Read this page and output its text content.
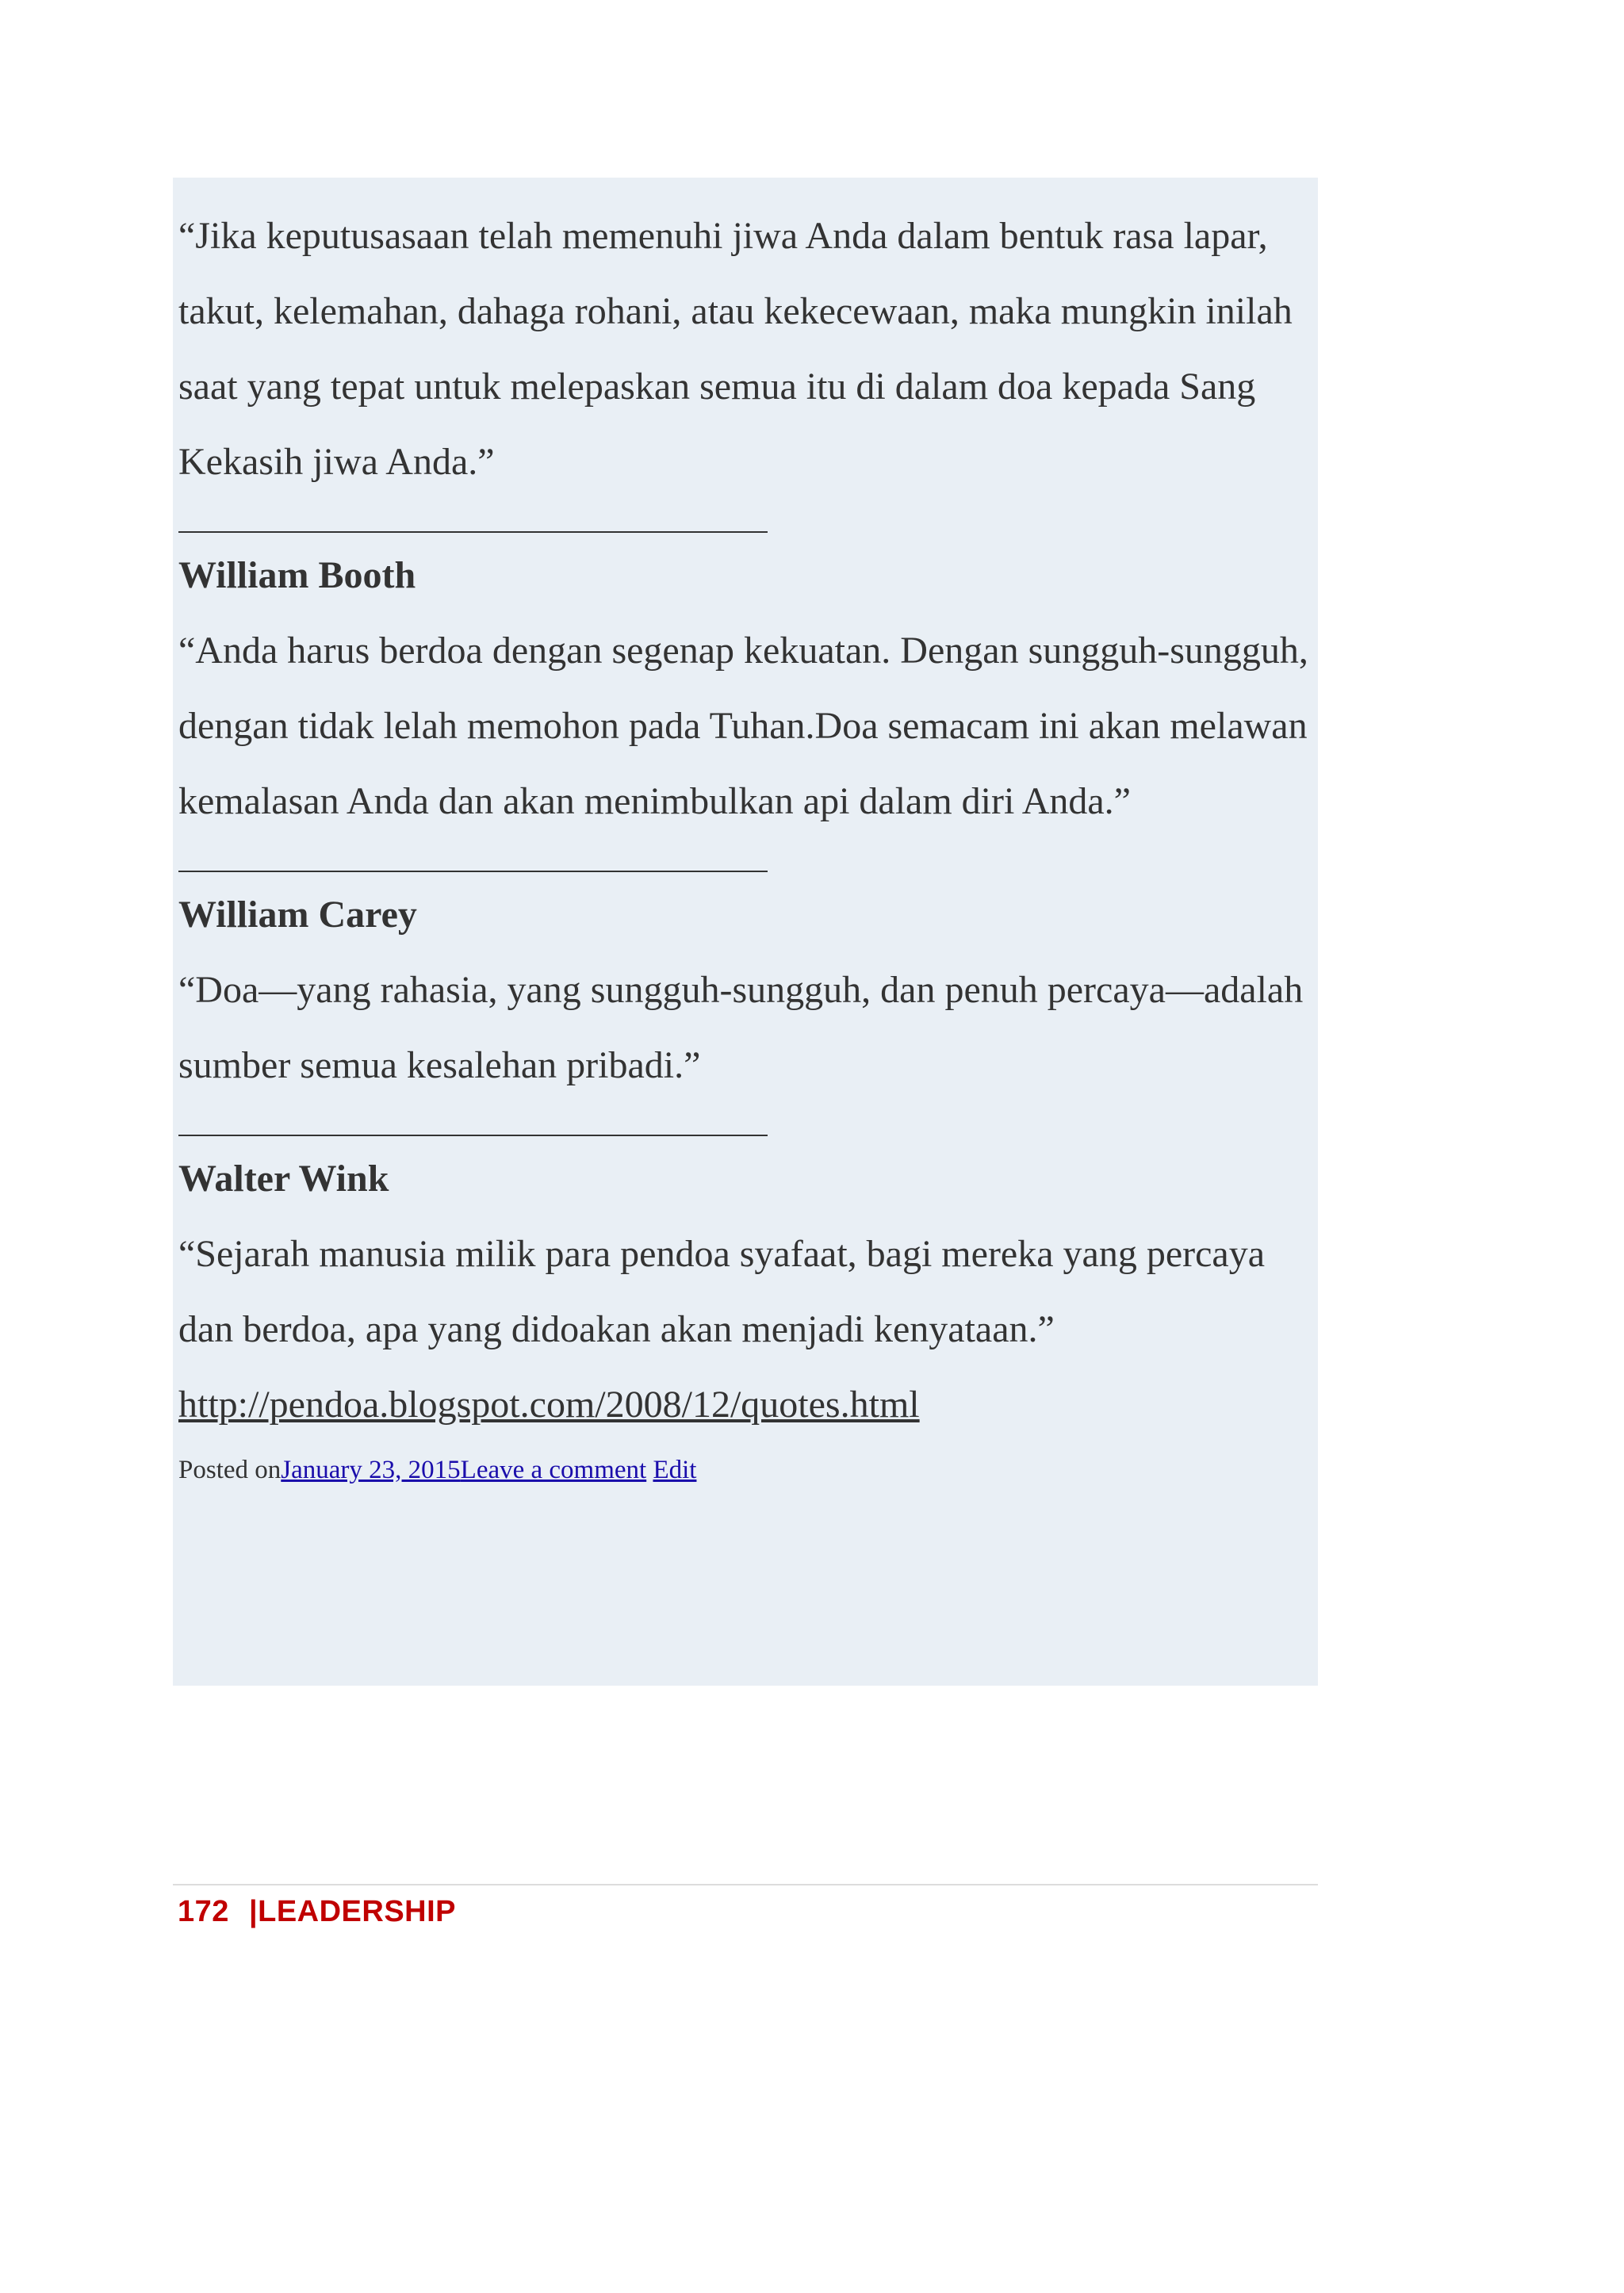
“Jika keputusasaan telah memenuhi jiwa Anda dalam bentuk rasa lapar, takut, kelemahan, dahaga rohani, atau kekecewaan, maka mungkin inilah saat yang tepat untuk melepaskan semua itu di dalam doa kepada Sang Kekasih jiwa Anda.”

William Booth

“Anda harus berdoa dengan segenap kekuatan. Dengan sungguh-sungguh, dengan tidak lelah memohon pada Tuhan.Doa semacam ini akan melawan kemalasan Anda dan akan menimbulkan api dalam diri Anda.”

William Carey

“Doa—yang rahasia, yang sungguh-sungguh, dan penuh percaya—adalah sumber semua kesalehan pribadi.”

Walter Wink

“Sejarah manusia milik para pendoa syafaat, bagi mereka yang percaya dan berdoa, apa yang didoakan akan menjadi kenyataan.”

http://pendoa.blogspot.com/2008/12/quotes.html

Posted onJanuary 23, 2015Leave a comment Edit

172 |LEADERSHIP
